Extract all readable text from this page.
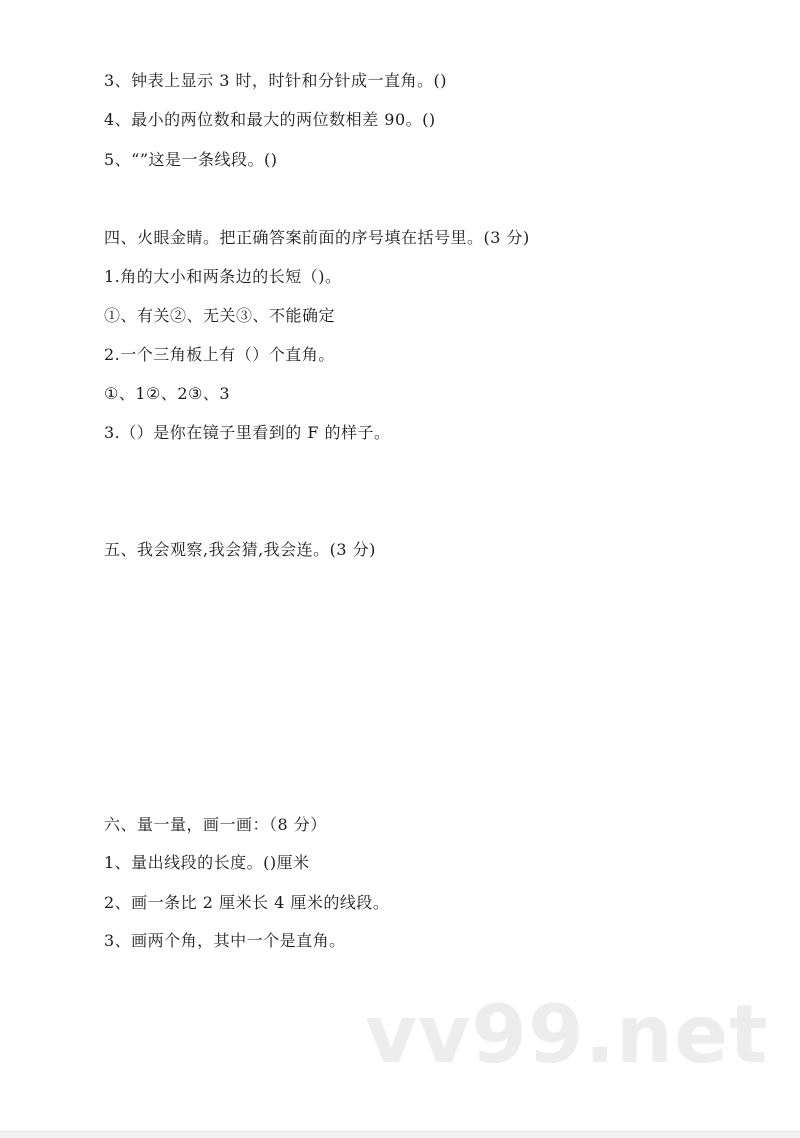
3、钟表上显示 3 时，时针和分针成一直角。()
4、最小的两位数和最大的两位数相差 90。()
5、“”这是一条线段。()
四、火眼金睛。把正确答案前面的序号填在括号里。(3 分)
1.角的大小和两条边的长短（)。
①、有关②、无关③、不能确定
2.一个三角板上有（）个直角。
①、1②、2③、3
3.（）是你在镜子里看到的 F 的样子。
五、我会观察,我会猜,我会连。(3 分)
六、量一量，画一画：（8 分）
1、量出线段的长度。()厘米
2、画一条比 2 厘米长 4 厘米的线段。
3、画两个角，其中一个是直角。
vv99.net
